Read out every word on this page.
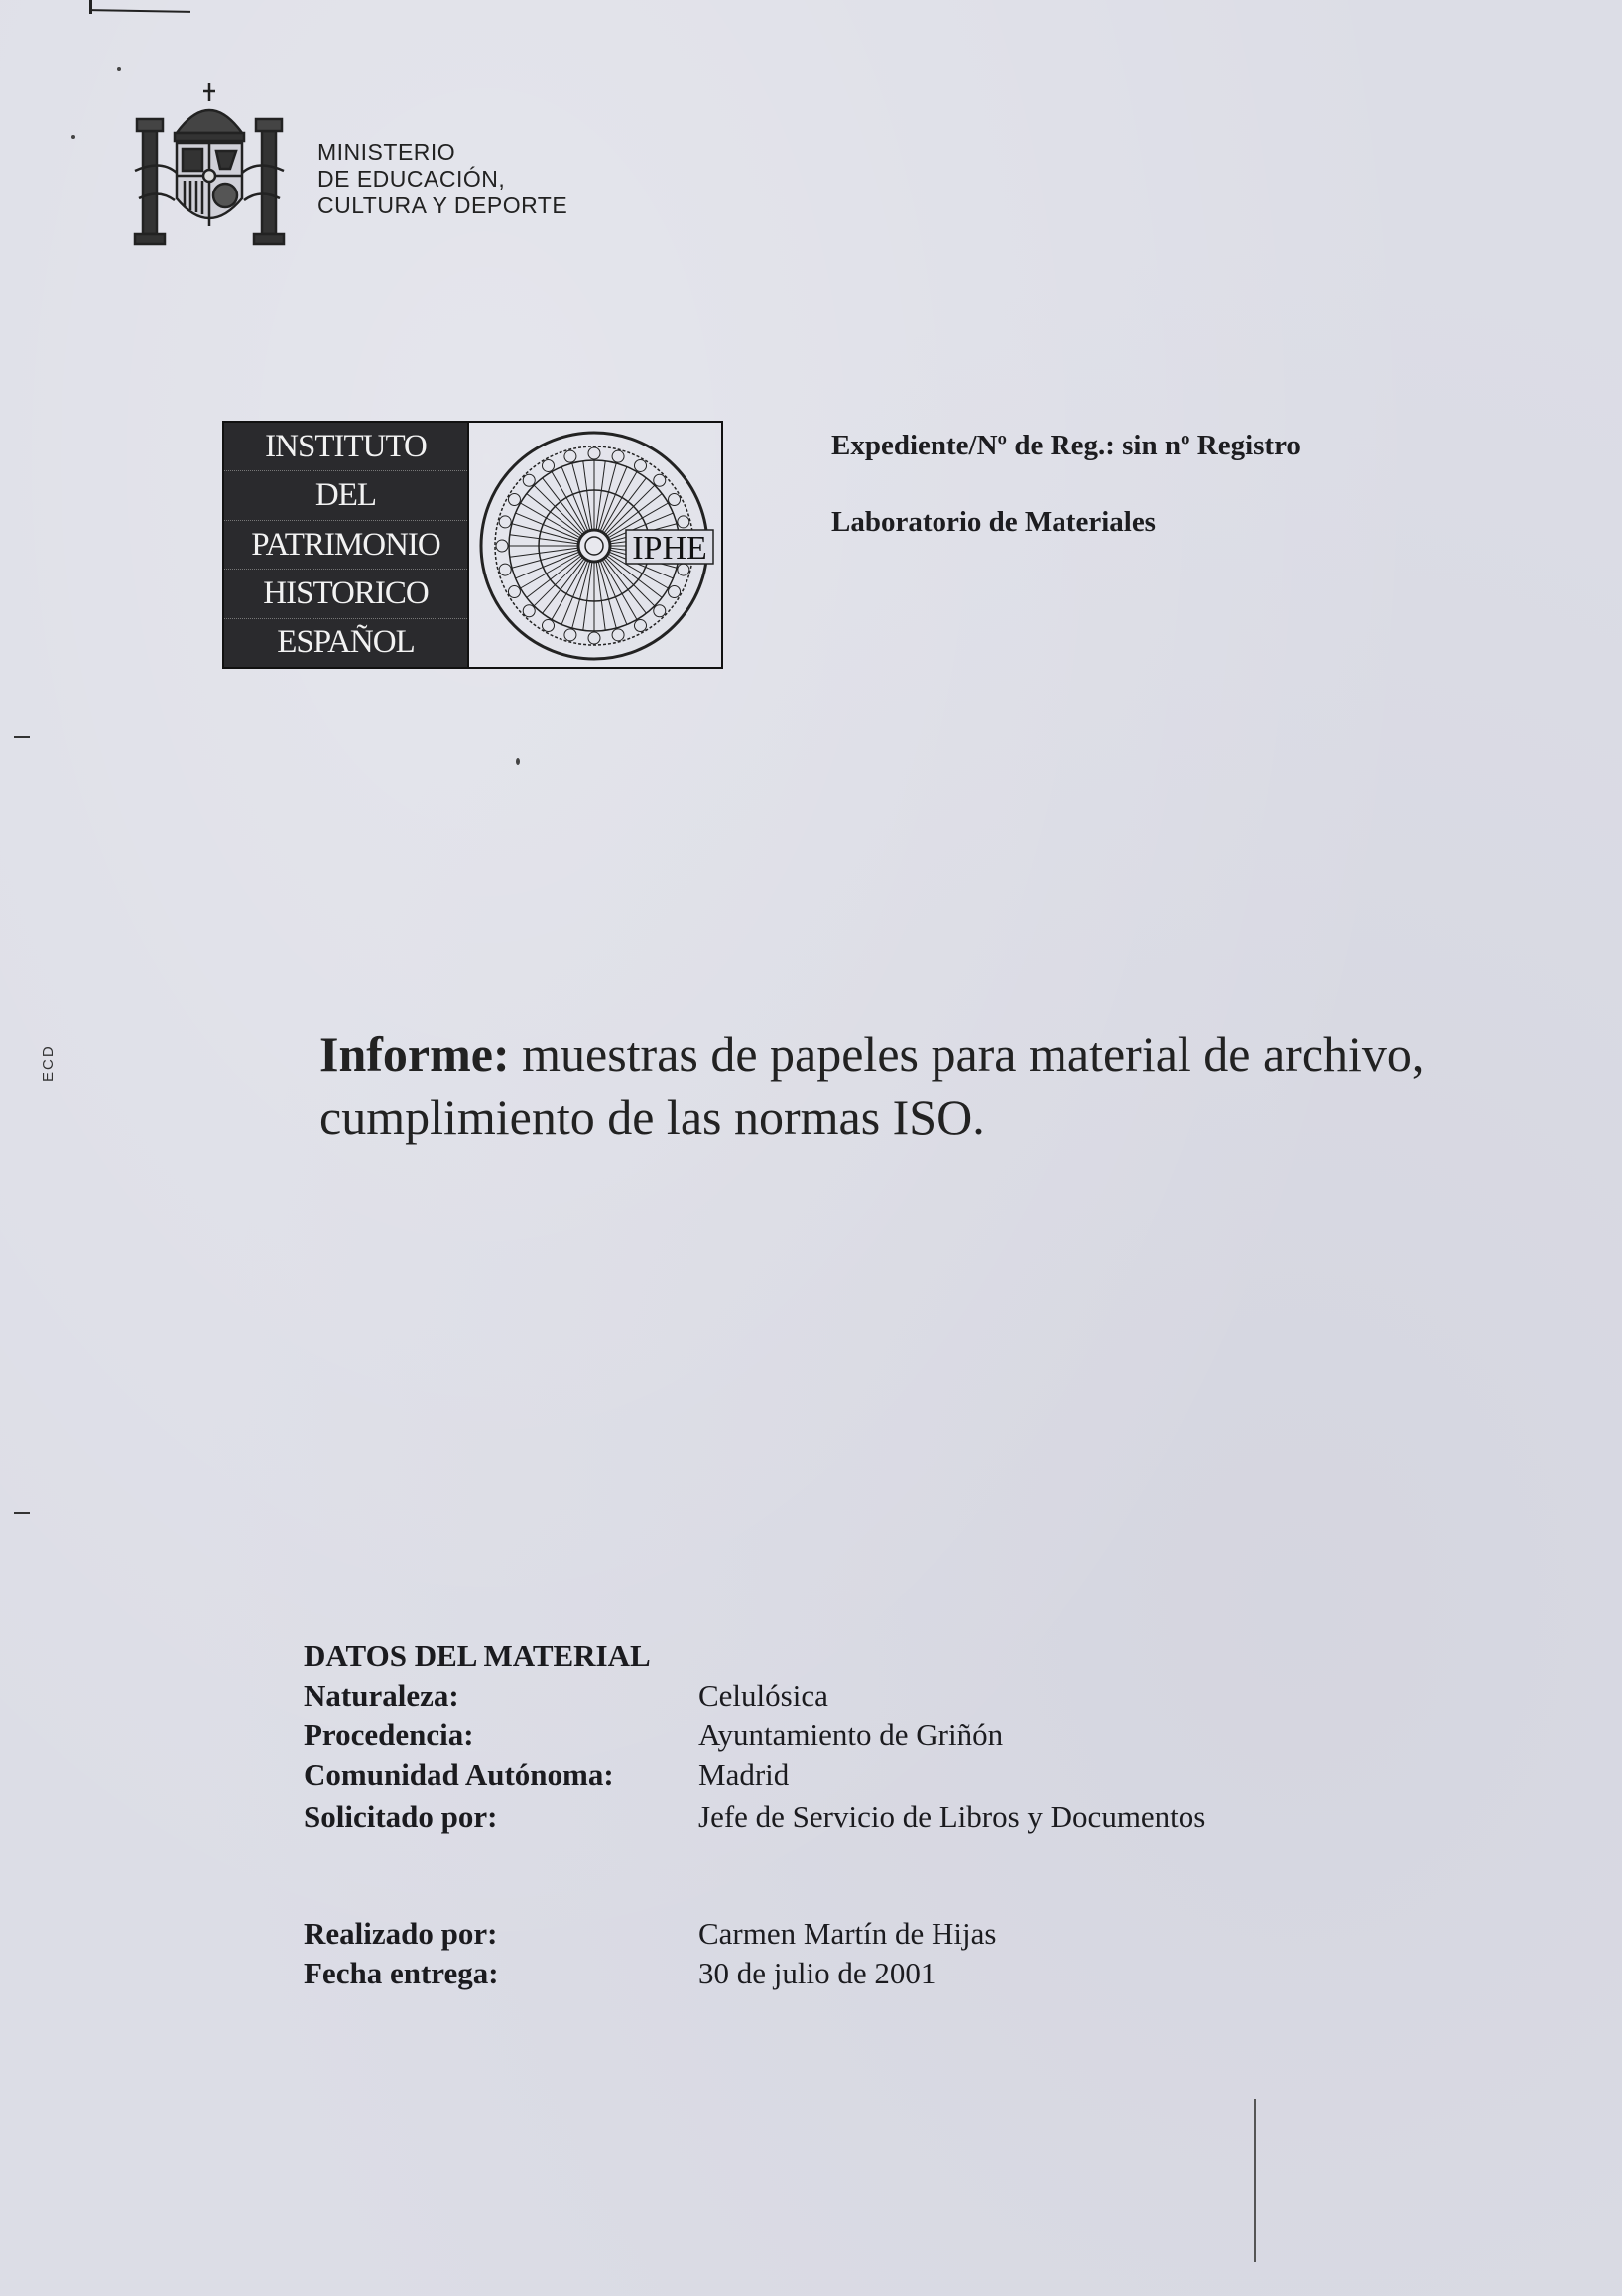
ECD
MINISTERIO
DE EDUCACIÓN,
CULTURA Y DEPORTE
INSTITUTO
DEL
PATRIMONIO
HISTORICO
ESPAÑOL
IPHE
Expediente/Nº de Reg.: sin nº Registro
Laboratorio de Materiales
Informe: muestras de papeles para material de archivo,
cumplimiento de las normas ISO.
DATOS DEL MATERIAL
Naturaleza:	Celulósica
Procedencia:	Ayuntamiento de Griñón
Comunidad Autónoma:	Madrid
Solicitado por:	Jefe de Servicio de Libros y Documentos
Realizado por:	Carmen Martín de Hijas
Fecha entrega:	30 de julio de 2001
